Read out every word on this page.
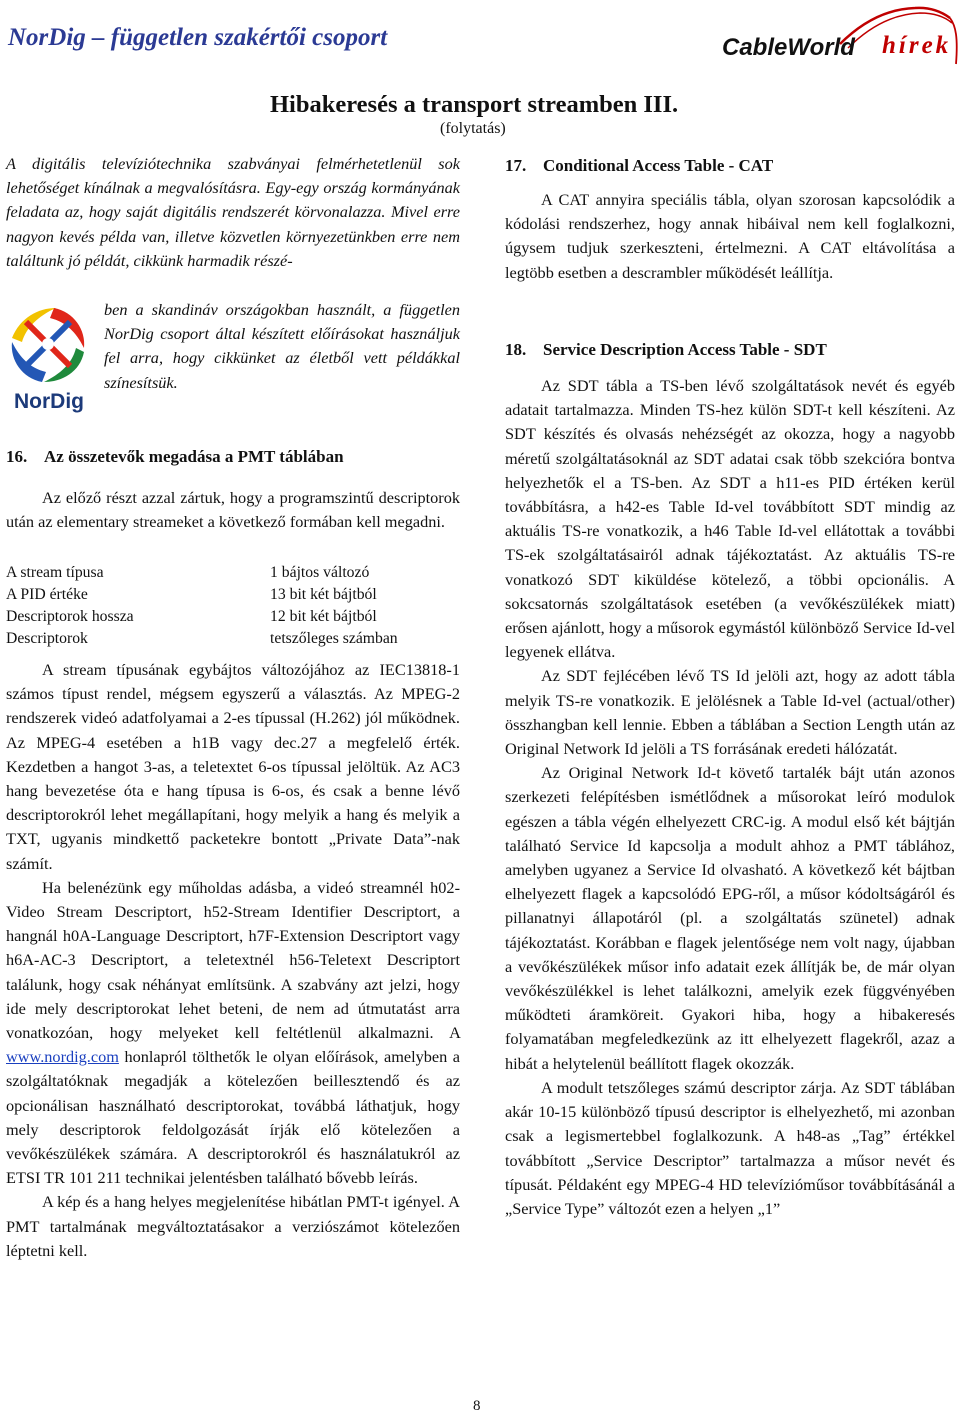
NorDig – független szakértői csoport	CableWorld hírek
Hibakeresés a transport streamben III.
(folytatás)

A digitális televíziótechnika szabványai felmérhetetlenül sok lehetőséget kínálnak a megvalósításra. Egy-egy ország kormányának feladata az, hogy saját digitális rendszerét körvonalazza. Mivel erre nagyon kevés példa van, illetve közvetlen környezetünkben erre nem találtunk jó példát, cikkünk harmadik részé-

NorDig

ben a skandináv országokban használt, a független NorDig csoport által készített előírásokat használjuk fel arra, hogy cikkünket az életből vett példákkal színesítsük.

16. Az összetevők megadása a PMT táblában

Az előző részt azzal zártuk, hogy a programszintű descriptorok után az elementary streameket a következő formában kell megadni.

A stream típusa	1 bájtos változó
A PID értéke	13 bit két bájtból
Descriptorok hossza	12 bit két bájtból
Descriptorok	tetszőleges számban

A stream típusának egybájtos változójához az IEC13818-1 számos típust rendel, mégsem egyszerű a választás. Az MPEG-2 rendszerek videó adatfolyamai a 2-es típussal (H.262) jól működnek. Az MPEG-4 esetében a h1B vagy dec.27 a megfelelő érték. Kezdetben a hangot 3-as, a teletextet 6-os típussal jelöltük. Az AC3 hang bevezetése óta e hang típusa is 6-os, és csak a benne lévő descriptorokról lehet megállapítani, hogy melyik a hang és melyik a TXT, ugyanis mindkettő packetekre bontott „Private Data”-nak számít.

Ha belenézünk egy műholdas adásba, a videó streamnél h02-Video Stream Descriptort, h52-Stream Identifier Descriptort, a hangnál h0A-Language Descriptort, h7F-Extension Descriptort vagy h6A-AC-3 Descriptort, a teletextnél h56-Teletext Descriptort találunk, hogy csak néhányat említsünk. A szabvány azt jelzi, hogy ide mely descriptorokat lehet beteni, de nem ad útmutatást arra vonatkozóan, hogy melyeket kell feltétlenül alkalmazni. A www.nordig.com honlapról tölthetők le olyan előírások, amelyben a szolgáltatóknak megadják a kötelezően beillesztendő és az opcionálisan használható descriptorokat, továbbá láthatjuk, hogy mely descriptorok feldolgozását írják elő kötelezően a vevőkészülékek számára. A descriptorokról és használatukról az ETSI TR 101 211 technikai jelentésben található bővebb leírás.

A kép és a hang helyes megjelenítése hibátlan PMT-t igényel. A PMT tartalmának megváltoztatásakor a verziószámot kötelezően léptetni kell.

17. Conditional Access Table - CAT

A CAT annyira speciális tábla, olyan szorosan kapcsolódik a kódolási rendszerhez, hogy annak hibáival nem kell foglalkozni, úgysem tudjuk szerkeszteni, értelmezni. A CAT eltávolítása a legtöbb esetben a descrambler működését leállítja.

18. Service Description Access Table - SDT

Az SDT tábla a TS-ben lévő szolgáltatások nevét és egyéb adatait tartalmazza. Minden TS-hez külön SDT-t kell készíteni. Az SDT készítés és olvasás nehézségét az okozza, hogy a nagyobb méretű szolgáltatásoknál az SDT adatai csak több szekcióra bontva helyezhetők el a TS-ben. Az SDT a h11-es PID értéken kerül továbbításra, a h42-es Table Id-vel továbbított SDT mindig az aktuális TS-re vonatkozik, a h46 Table Id-vel ellátottak a további TS-ek szolgáltatásairól adnak tájékoztatást. Az aktuális TS-re vonatkozó SDT kiküldése kötelező, a többi opcionális. A sokcsatornás szolgáltatások esetében (a vevőkészülékek miatt) erősen ajánlott, hogy a műsorok egymástól különböző Service Id-vel legyenek ellátva.

Az SDT fejlécében lévő TS Id jelöli azt, hogy az adott tábla melyik TS-re vonatkozik. E jelölésnek a Table Id-vel (actual/other) összhangban kell lennie. Ebben a táblában a Section Length után az Original Network Id jelöli a TS forrásának eredeti hálózatát.

Az Original Network Id-t követő tartalék bájt után azonos szerkezeti felépítésben ismétlődnek a műsorokat leíró modulok egészen a tábla végén elhelyezett CRC-ig. A modul első két bájtján található Service Id kapcsolja a modult ahhoz a PMT táblához, amelyben ugyanez a Service Id olvasható. A következő két bájtban elhelyezett flagek a kapcsolódó EPG-ről, a műsor kódoltságáról és pillanatnyi állapotáról (pl. a szolgáltatás szünetel) adnak tájékoztatást. Korábban e flagek jelentősége nem volt nagy, újabban a vevőkészülékek műsor info adatait ezek állítják be, de már olyan vevőkészülékkel is lehet találkozni, amelyik ezek függvényében működteti áramköreit. Gyakori hiba, hogy a hibakeresés folyamatában megfeledkezünk az itt elhelyezett flagekről, azaz a hibát a helytelenül beállított flagek okozzák.

A modult tetszőleges számú descriptor zárja. Az SDT táblában akár 10-15 különböző típusú descriptor is elhelyezhető, mi azonban csak a legismertebbel foglalkozunk. A h48-as „Tag” értékkel továbbított „Service Descriptor” tartalmazza a műsor nevét és típusát. Példaként egy MPEG-4 HD televízióműsor továbbításánál a „Service Type” változót ezen a helyen „1”

8
